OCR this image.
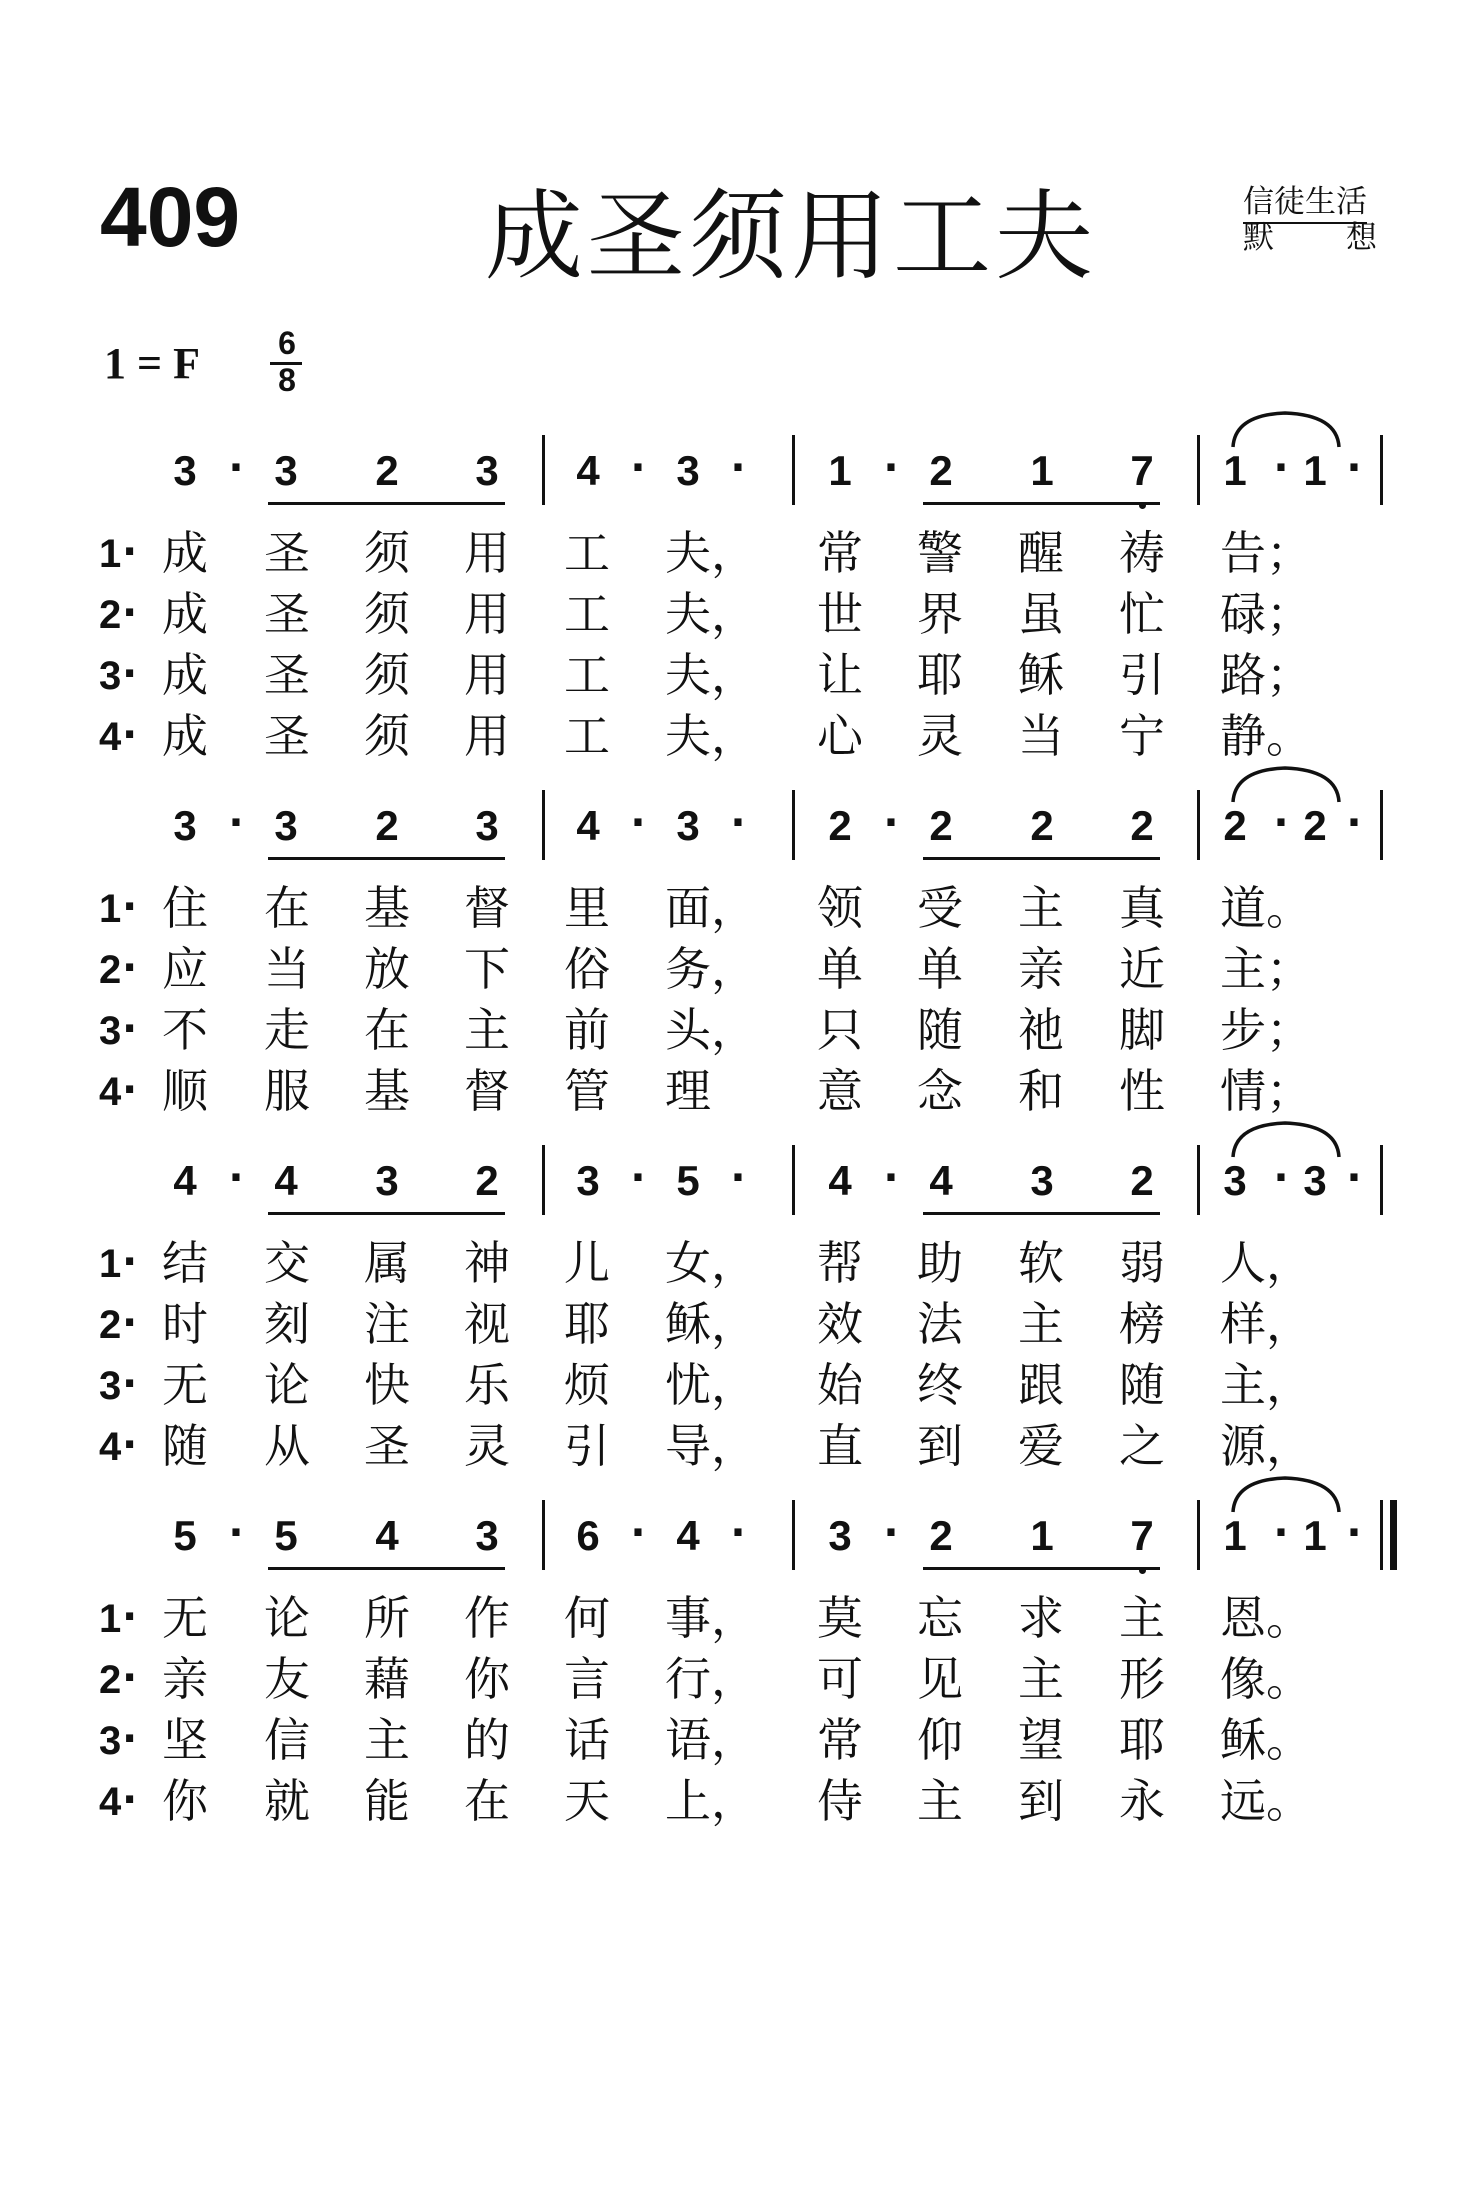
409 成圣须用工夫	信徒生活
默 想
1 = F 6
8
3 · 3 2 3 4 · 3 · 1 · 2 1 7 1 · 1 ·
1 · 成 圣 须 用 工 夫， 常 警 醒 祷 告；
2 · 成 圣 须 用 工 夫， 世 界 虽 忙 碌；
3 · 成 圣 须 用 工 夫， 让 耶 稣 引 路；
4 · 成 圣 须 用 工 夫， 心 灵 当 宁 静。
3 · 3 2 3 4 · 3 · 2 · 2 2 2 2 · 2 ·
1 · 住 在 基 督 里 面， 领 受 主 真 道。
2 · 应 当 放 下 俗 务， 单 单 亲 近 主；
3 · 不 走 在 主 前 头， 只 随 祂 脚 步；
4 · 顺 服 基 督 管 理 意 念 和 性 情；
4 · 4 3 2 3 · 5 · 4 · 4 3 2 3 · 3 ·
1 · 结 交 属 神 儿 女， 帮 助 软 弱 人，
2 · 时 刻 注 视 耶 稣， 效 法 主 榜 样，
3 · 无 论 快 乐 烦 忧， 始 终 跟 随 主，
4 · 随 从 圣 灵 引 导， 直 到 爱 之 源，
5 · 5 4 3 6 · 4 · 3 · 2 1 7 1 · 1 ·
1 · 无 论 所 作 何 事， 莫 忘 求 主 恩。
2 · 亲 友 藉 你 言 行， 可 见 主 形 像。
3 · 坚 信 主 的 话 语， 常 仰 望 耶 稣。
4 · 你 就 能 在 天 上， 侍 主 到 永 远。
